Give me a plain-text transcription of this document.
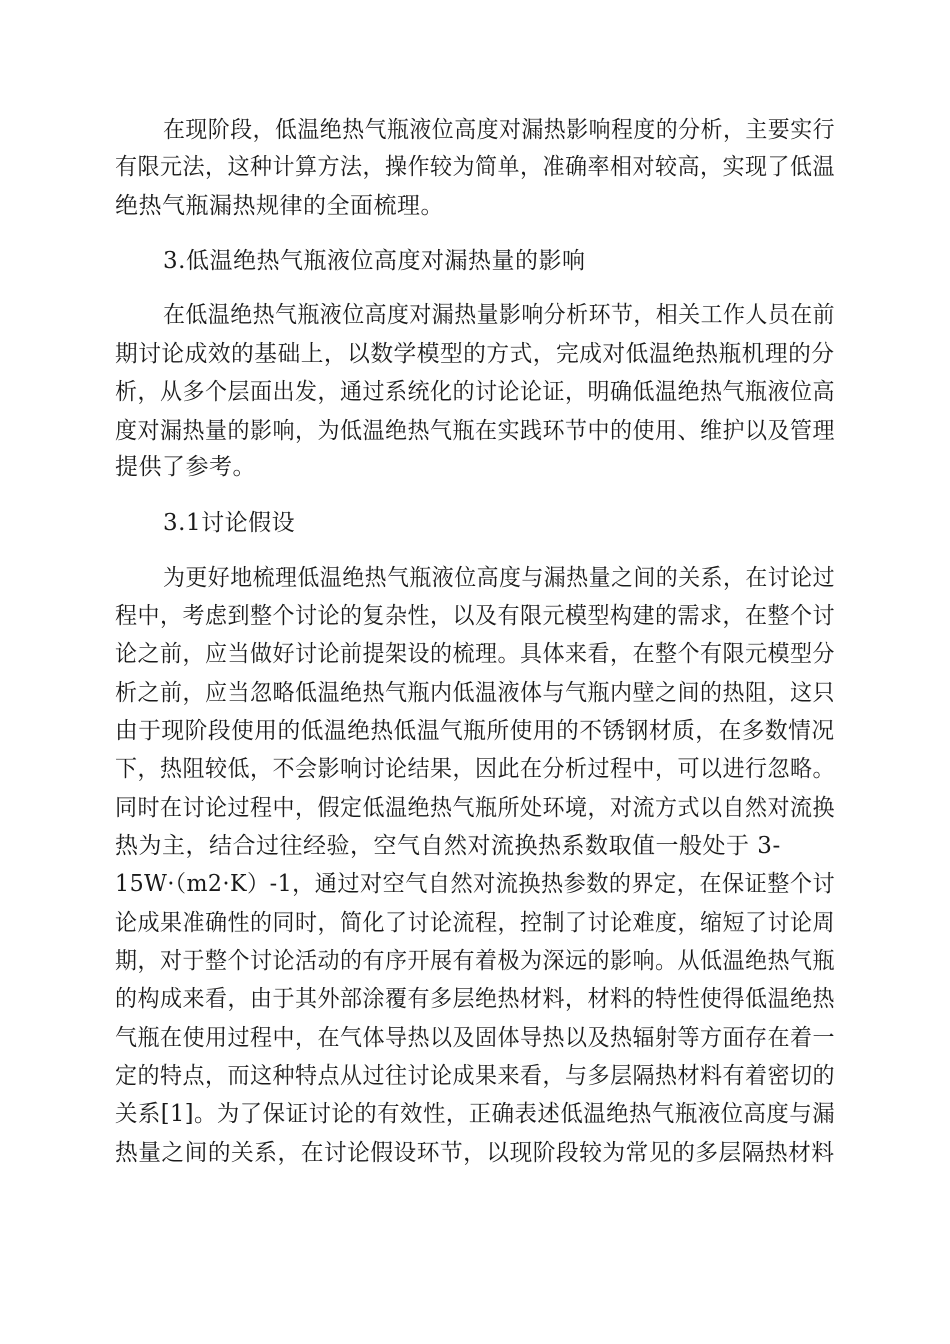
在现阶段，低温绝热气瓶液位高度对漏热影响程度的分析，主要实行
有限元法，这种计算方法，操作较为简单，准确率相对较高，实现了低温
绝热气瓶漏热规律的全面梳理。
3.低温绝热气瓶液位高度对漏热量的影响
在低温绝热气瓶液位高度对漏热量影响分析环节，相关工作人员在前
期讨论成效的基础上，以数学模型的方式，完成对低温绝热瓶机理的分
析，从多个层面出发，通过系统化的讨论论证，明确低温绝热气瓶液位高
度对漏热量的影响，为低温绝热气瓶在实践环节中的使用、维护以及管理
提供了参考。
3.1讨论假设
为更好地梳理低温绝热气瓶液位高度与漏热量之间的关系，在讨论过
程中，考虑到整个讨论的复杂性，以及有限元模型构建的需求，在整个讨
论之前，应当做好讨论前提架设的梳理。具体来看，在整个有限元模型分
析之前，应当忽略低温绝热气瓶内低温液体与气瓶内壁之间的热阻，这只
由于现阶段使用的低温绝热低温气瓶所使用的不锈钢材质，在多数情况
下，热阻较低，不会影响讨论结果，因此在分析过程中，可以进行忽略。
同时在讨论过程中，假定低温绝热气瓶所处环境，对流方式以自然对流换
热为主，结合过往经验，空气自然对流换热系数取值一般处于 3-
15W·（m2·K）-1，通过对空气自然对流换热参数的界定，在保证整个讨
论成果准确性的同时，简化了讨论流程，控制了讨论难度，缩短了讨论周
期，对于整个讨论活动的有序开展有着极为深远的影响。从低温绝热气瓶
的构成来看，由于其外部涂覆有多层绝热材料，材料的特性使得低温绝热
气瓶在使用过程中，在气体导热以及固体导热以及热辐射等方面存在着一
定的特点，而这种特点从过往讨论成果来看，与多层隔热材料有着密切的
关系[1]。为了保证讨论的有效性，正确表述低温绝热气瓶液位高度与漏
热量之间的关系，在讨论假设环节，以现阶段较为常见的多层隔热材料
